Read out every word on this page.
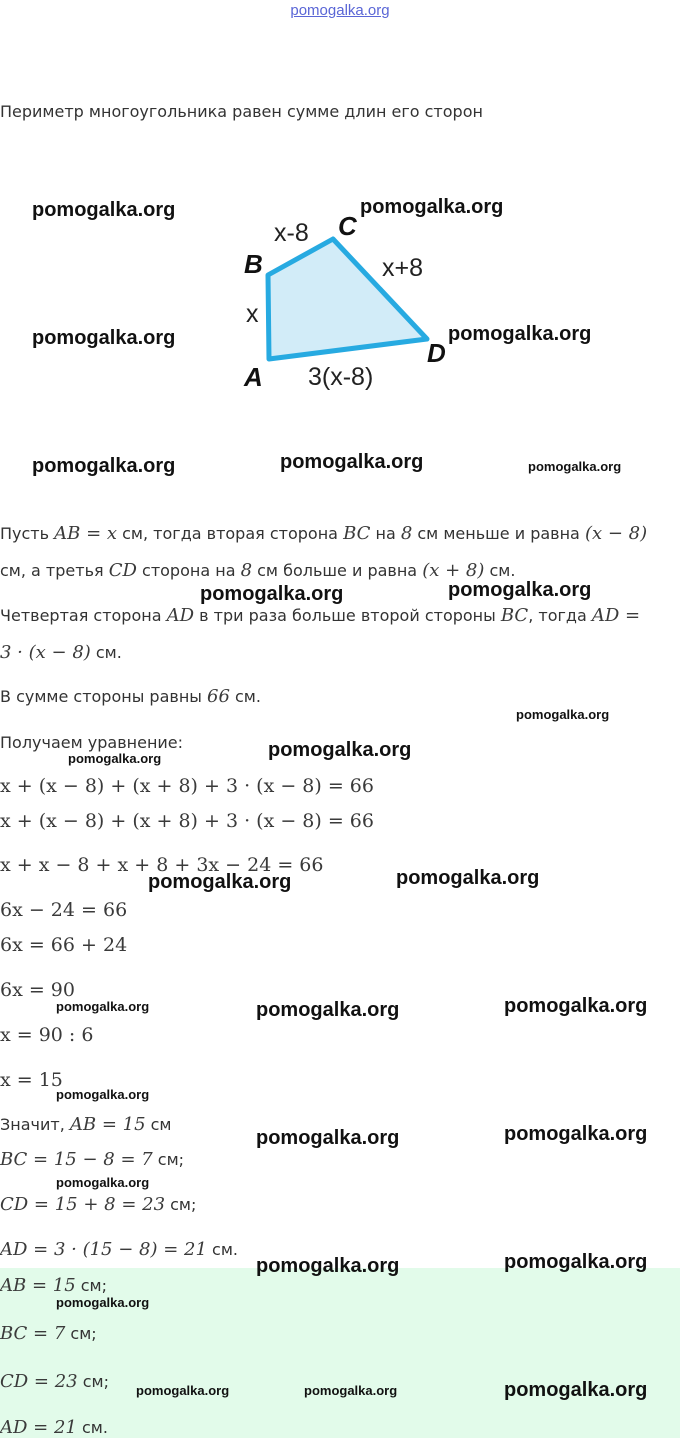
pomogalka.org
Периметр многоугольника равен сумме длин его сторон
B
C
A
D
x-8
x+8
x
3(x-8)
Пусть AB = x см, тогда вторая сторона BC на 8 см меньше и равна (x − 8)
см, а третья CD сторона на 8 см больше и равна (x + 8) см.
Четвертая сторона AD в три раза больше второй стороны BC, тогда AD =
3 · (x − 8) см.
В сумме стороны равны 66 см.
Получаем уравнение:
x + (x − 8) + (x + 8) + 3 · (x − 8) = 66
x + (x − 8) + (x + 8) + 3 · (x − 8) = 66
x + x − 8 + x + 8 + 3x − 24 = 66
6x − 24 = 66
6x = 66 + 24
6x = 90
x = 90 : 6
x = 15
Значит, AB = 15 см
BC = 15 − 8 = 7 см;
CD = 15 + 8 = 23 см;
AD = 3 · (15 − 8) = 21 см.
AB = 15 см;
BC = 7 см;
CD = 23 см;
AD = 21 см.
pomogalka.org	pomogalka.org
pomogalka.org	pomogalka.org
pomogalka.org	pomogalka.org	pomogalka.org
pomogalka.org	pomogalka.org
pomogalka.org
pomogalka.org
pomogalka.org
pomogalka.org	pomogalka.org
pomogalka.org	pomogalka.org
pomogalka.org
pomogalka.org
pomogalka.org	pomogalka.org
pomogalka.org
pomogalka.org	pomogalka.org
pomogalka.org
pomogalka.org	pomogalka.org	pomogalka.org
